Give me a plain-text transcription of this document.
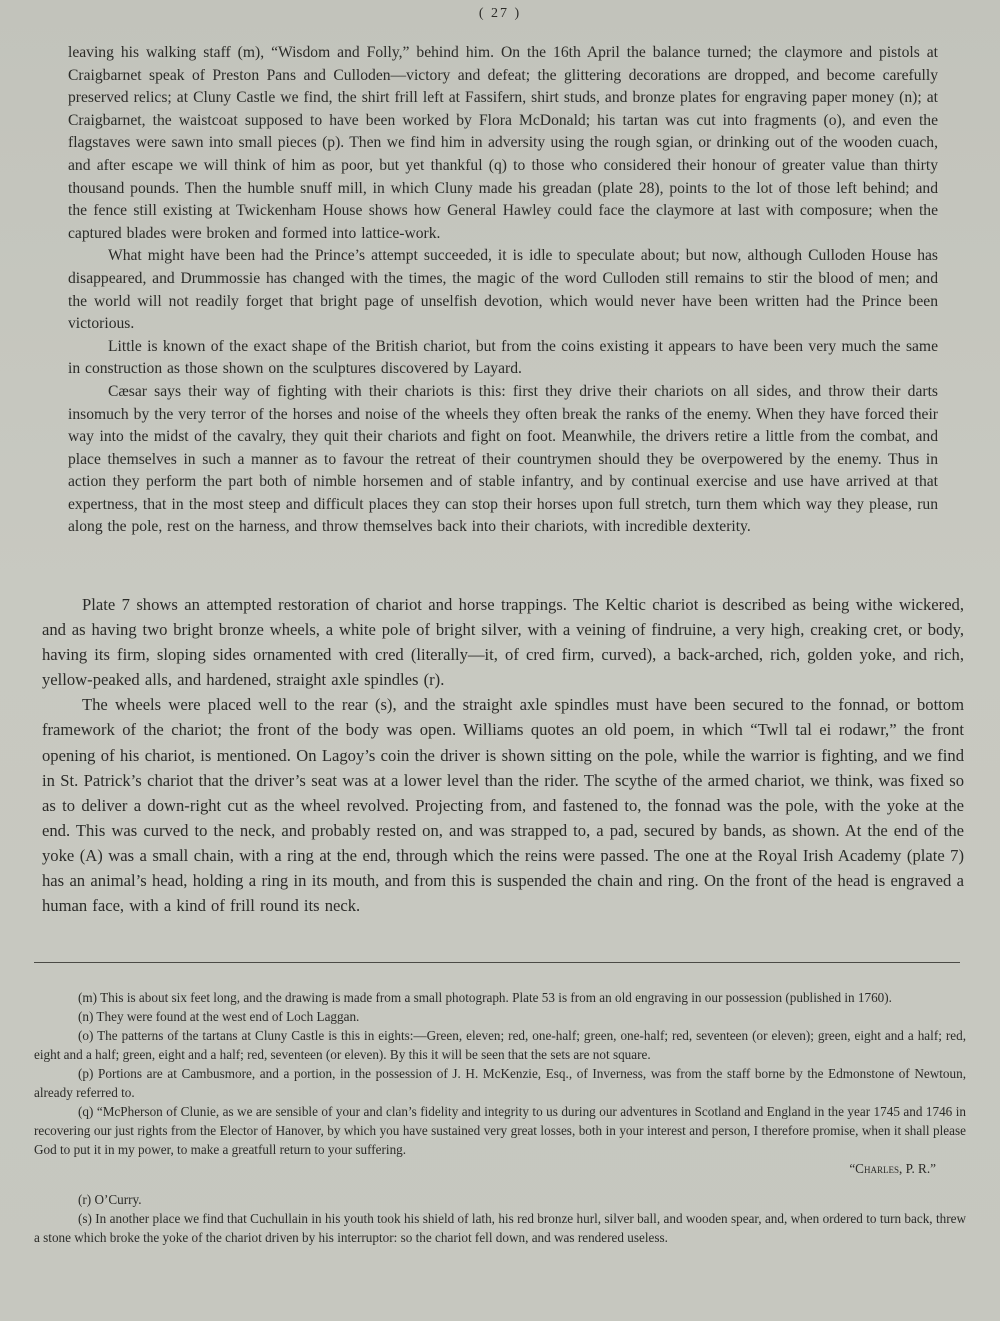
( 27 )

leaving his walking staff (m), “Wisdom and Folly,” behind him. On the 16th April the balance turned; the claymore and pistols at Craigbarnet speak of Preston Pans and Culloden—victory and defeat; the glittering decorations are dropped, and become carefully preserved relics; at Cluny Castle we find, the shirt frill left at Fassifern, shirt studs, and bronze plates for engraving paper money (n); at Craigbarnet, the waistcoat supposed to have been worked by Flora McDonald; his tartan was cut into fragments (o), and even the flagstaves were sawn into small pieces (p). Then we find him in adversity using the rough sgian, or drinking out of the wooden cuach, and after escape we will think of him as poor, but yet thankful (q) to those who considered their honour of greater value than thirty thousand pounds. Then the humble snuff mill, in which Cluny made his greadan (plate 28), points to the lot of those left behind; and the fence still existing at Twickenham House shows how General Hawley could face the claymore at last with composure; when the captured blades were broken and formed into lattice-work.

What might have been had the Prince’s attempt succeeded, it is idle to speculate about; but now, although Culloden House has disappeared, and Drummossie has changed with the times, the magic of the word Culloden still remains to stir the blood of men; and the world will not readily forget that bright page of unselfish devotion, which would never have been written had the Prince been victorious.

Little is known of the exact shape of the British chariot, but from the coins existing it appears to have been very much the same in construction as those shown on the sculptures discovered by Layard.

Cæsar says their way of fighting with their chariots is this: first they drive their chariots on all sides, and throw their darts insomuch by the very terror of the horses and noise of the wheels they often break the ranks of the enemy. When they have forced their way into the midst of the cavalry, they quit their chariots and fight on foot. Meanwhile, the drivers retire a little from the combat, and place themselves in such a manner as to favour the retreat of their countrymen should they be overpowered by the enemy. Thus in action they perform the part both of nimble horsemen and of stable infantry, and by continual exercise and use have arrived at that expertness, that in the most steep and difficult places they can stop their horses upon full stretch, turn them which way they please, run along the pole, rest on the harness, and throw themselves back into their chariots, with incredible dexterity.

Plate 7 shows an attempted restoration of chariot and horse trappings. The Keltic chariot is described as being withe wickered, and as having two bright bronze wheels, a white pole of bright silver, with a veining of findruine, a very high, creaking cret, or body, having its firm, sloping sides ornamented with cred (literally—it, of cred firm, curved), a back-arched, rich, golden yoke, and rich, yellow-peaked alls, and hardened, straight axle spindles (r).

The wheels were placed well to the rear (s), and the straight axle spindles must have been secured to the fonnad, or bottom framework of the chariot; the front of the body was open. Williams quotes an old poem, in which “Twll tal ei rodawr,” the front opening of his chariot, is mentioned. On Lagoy’s coin the driver is shown sitting on the pole, while the warrior is fighting, and we find in St. Patrick’s chariot that the driver’s seat was at a lower level than the rider. The scythe of the armed chariot, we think, was fixed so as to deliver a down-right cut as the wheel revolved. Projecting from, and fastened to, the fonnad was the pole, with the yoke at the end. This was curved to the neck, and probably rested on, and was strapped to, a pad, secured by bands, as shown. At the end of the yoke (A) was a small chain, with a ring at the end, through which the reins were passed. The one at the Royal Irish Academy (plate 7) has an animal’s head, holding a ring in its mouth, and from this is suspended the chain and ring. On the front of the head is engraved a human face, with a kind of frill round its neck.

(m) This is about six feet long, and the drawing is made from a small photograph. Plate 53 is from an old engraving in our possession (published in 1760).

(n) They were found at the west end of Loch Laggan.

(o) The patterns of the tartans at Cluny Castle is this in eights:—Green, eleven; red, one-half; green, one-half; red, seventeen (or eleven); green, eight and a half; red, eight and a half; green, eight and a half; red, seventeen (or eleven). By this it will be seen that the sets are not square.

(p) Portions are at Cambusmore, and a portion, in the possession of J. H. McKenzie, Esq., of Inverness, was from the staff borne by the Edmonstone of Newtoun, already referred to.

(q) “McPherson of Clunie, as we are sensible of your and clan’s fidelity and integrity to us during our adventures in Scotland and England in the year 1745 and 1746 in recovering our just rights from the Elector of Hanover, by which you have sustained very great losses, both in your interest and person, I therefore promise, when it shall please God to put it in my power, to make a greatfull return to your suffering.

“Charles, P. R.”

(r) O’Curry.

(s) In another place we find that Cuchullain in his youth took his shield of lath, his red bronze hurl, silver ball, and wooden spear, and, when ordered to turn back, threw a stone which broke the yoke of the chariot driven by his interruptor: so the chariot fell down, and was rendered useless.
